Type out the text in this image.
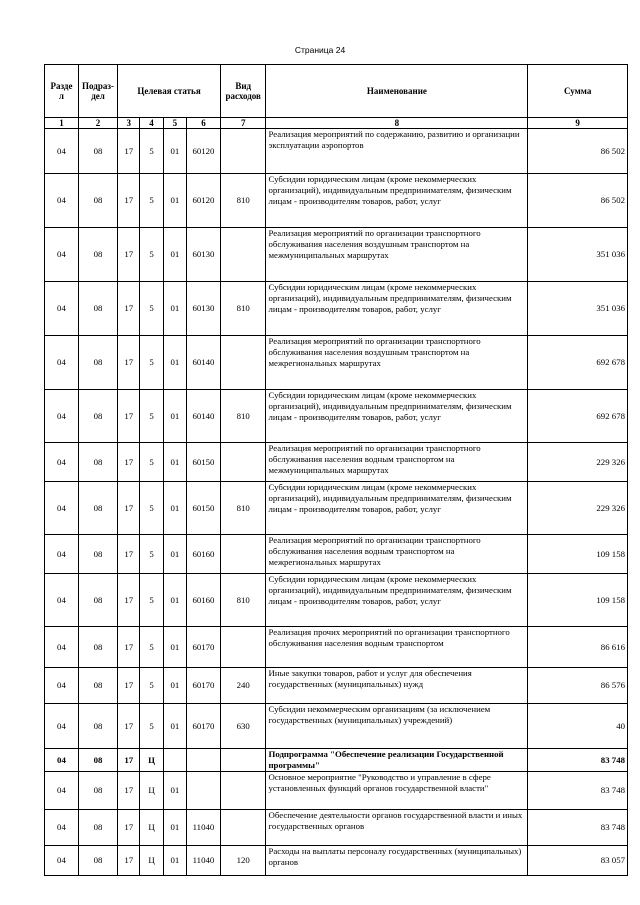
Страница 24
Разде л	Подраз- дел	Целевая статья				Вид расходов	Наименование	Сумма
1	2	3	4	5	6	7	8	9
04	08	17	5	01	60120		Реализация мероприятий по содержанию, развитию и организации эксплуатации аэропортов	86 502
04	08	17	5	01	60120	810	Субсидии юридическим лицам (кроме некоммерческих организаций), индивидуальным предпринимателям, физическим лицам - производителям товаров, работ, услуг	86 502
04	08	17	5	01	60130		Реализация мероприятий по организации транспортного обслуживания населения воздушным транспортом на межмуниципальных маршрутах	351 036
04	08	17	5	01	60130	810	Субсидии юридическим лицам (кроме некоммерческих организаций), индивидуальным предпринимателям, физическим лицам - производителям товаров, работ, услуг	351 036
04	08	17	5	01	60140		Реализация мероприятий по организации транспортного обслуживания населения воздушным транспортом на межрегиональных маршрутах	692 678
04	08	17	5	01	60140	810	Субсидии юридическим лицам (кроме некоммерческих организаций), индивидуальным предпринимателям, физическим лицам - производителям товаров, работ, услуг	692 678
04	08	17	5	01	60150		Реализация мероприятий по организации транспортного обслуживания населения водным транспортом на межмуниципальных маршрутах	229 326
04	08	17	5	01	60150	810	Субсидии юридическим лицам (кроме некоммерческих организаций), индивидуальным предпринимателям, физическим лицам - производителям товаров, работ, услуг	229 326
04	08	17	5	01	60160		Реализация мероприятий по организации транспортного обслуживания населения водным транспортом на межрегиональных маршрутах	109 158
04	08	17	5	01	60160	810	Субсидии юридическим лицам (кроме некоммерческих организаций), индивидуальным предпринимателям, физическим лицам - производителям товаров, работ, услуг	109 158
04	08	17	5	01	60170		Реализация прочих мероприятий по организации транспортного обслуживания населения водным транспортом	86 616
04	08	17	5	01	60170	240	Иные закупки товаров, работ и услуг для обеспечения государственных (муниципальных) нужд	86 576
04	08	17	5	01	60170	630	Субсидии некоммерческим организациям (за исключением государственных (муниципальных) учреждений)	40
04	08	17	Ц				Подпрограмма "Обеспечение реализации Государственной программы"	83 748
04	08	17	Ц	01			Основное мероприятие "Руководство и управление в сфере установленных функций органов государственной власти"	83 748
04	08	17	Ц	01	11040		Обеспечение деятельности органов государственной власти и иных государственных органов	83 748
04	08	17	Ц	01	11040	120	Расходы на выплаты персоналу государственных (муниципальных) органов	83 057
